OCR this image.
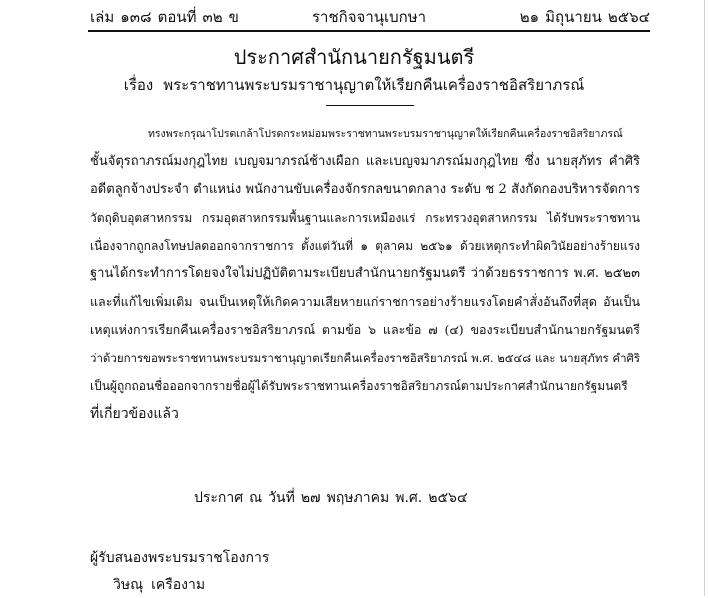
เล่ม ๑๓๘ ตอนที่ ๓๒ ข	ราชกิจจานุเบกษา	๒๑ มิถุนายน ๒๕๖๔
ประกาศสำนักนายกรัฐมนตรี
เรื่อง พระราชทานพระบรมราชานุญาตให้เรียกคืนเครื่องราชอิสริยาภรณ์
ทรงพระกรุณาโปรดเกล้าโปรดกระหม่อมพระราชทานพระบรมราชานุญาตให้เรียกคืนเครื่องราชอิสริยาภรณ์
ชั้นจัตุรถาภรณ์มงกุฎไทย เบญจมาภรณ์ช้างเผือก และเบญจมาภรณ์มงกุฎไทย ซึ่ง นายสุภัทร คำศิริ
อดีตลูกจ้างประจำ ตำแหน่ง พนักงานขับเครื่องจักรกลขนาดกลาง ระดับ ช 2 สังกัดกองบริหารจัดการ
วัตถุดิบอุตสาหกรรม กรมอุตสาหกรรมพื้นฐานและการเหมืองแร่ กระทรวงอุตสาหกรรม ได้รับพระราชทาน
เนื่องจากถูกลงโทษปลดออกจากราชการ ตั้งแต่วันที่ ๑ ตุลาคม ๒๕๖๑ ด้วยเหตุกระทำผิดวินัยอย่างร้ายแรง
ฐานได้กระทำการโดยจงใจไม่ปฏิบัติตามระเบียบสำนักนายกรัฐมนตรี ว่าด้วยธรราชการ พ.ศ. ๒๕๒๓
และที่แก้ไขเพิ่มเติม จนเป็นเหตุให้เกิดความเสียหายแก่ราชการอย่างร้ายแรงโดยคำสั่งอันถึงที่สุด อันเป็น
เหตุแห่งการเรียกคืนเครื่องราชอิสริยาภรณ์ ตามข้อ ๖ และข้อ ๗ (๔) ของระเบียบสำนักนายกรัฐมนตรี
ว่าด้วยการขอพระราชทานพระบรมราชานุญาตเรียกคืนเครื่องราชอิสริยาภรณ์ พ.ศ. ๒๕๔๘ และ นายสุภัทร คำศิริ
เป็นผู้ถูกถอนชื่อออกจากรายชื่อผู้ได้รับพระราชทานเครื่องราชอิสริยาภรณ์ตามประกาศสำนักนายกรัฐมนตรี
ที่เกี่ยวข้องแล้ว
ประกาศ ณ วันที่ ๒๗ พฤษภาคม พ.ศ. ๒๕๖๔
ผู้รับสนองพระบรมราชโองการ
วิษณุ เครืองาม
